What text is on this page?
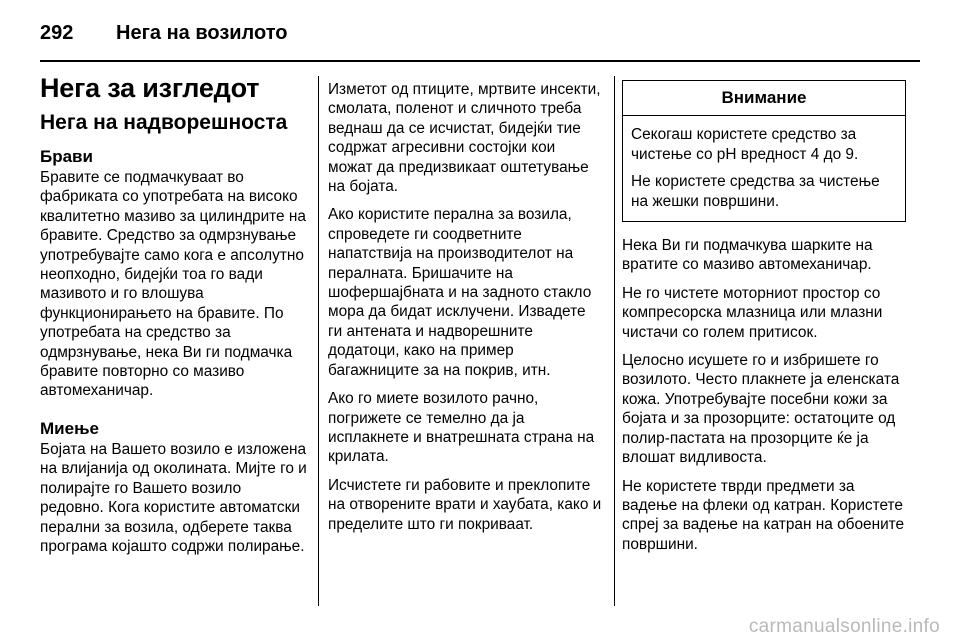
292 Нега на возилото
Нега за изгледот
Нега на надворешноста
Брави

Бравите се подмачкуваат во фабриката со употребата на високо квалитетно мазиво за цилиндрите на бравите. Средство за одмрзнување употребувајте само кога е апсолутно неопходно, бидејќи тоа го вади мазивото и го влошува функционирањето на бравите. По употребата на средство за одмрзнување, нека Ви ги подмачка бравите повторно со мазиво автомеханичар.

Миење

Бојата на Вашето возило е изложена на влијанија од околината. Мијте го и полирајте го Вашето возило редовно. Кога користите автоматски перални за возила, одберете таква програма којашто содржи полирање.

Изметот од птиците, мртвите инсекти, смолата, поленот и сличното треба веднаш да се исчистат, бидејќи тие содржат агресивни состојки кои можат да предизвикаат оштетување на бојата.

Ако користите перална за возила, спроведете ги соодветните напатствија на производителот на пералната. Бришачите на шофершајбната и на задното стакло мора да бидат исклучени. Извадете ги антената и надворешните додатоци, како на пример багажниците за на покрив, итн.

Ако го миете возилото рачно, погрижете се темелно да ја исплакнете и внатрешната страна на крилата.

Исчистете ги рабовите и преклопите на отворените врати и хаубата, како и пределите што ги покриваат.

Внимание

Секогаш користете средство за чистење со pH вредност 4 до 9.

Не користете средства за чистење на жешки површини.

Нека Ви ги подмачкува шарките на вратите со мазиво автомеханичар.

Не го чистете моторниот простор со компресорска млазница или млазни чистачи со голем притисок.

Целосно исушете го и избришете го возилото. Често плакнете ја еленската кожа. Употребувајте посебни кожи за бојата и за прозорците: остатоците од полир-пастата на прозорците ќе ја влошат видливоста.

Не користете тврди предмети за вадење на флеки од катран. Користете спреј за вадење на катран на обоените површини.

carmanualsonline.info
